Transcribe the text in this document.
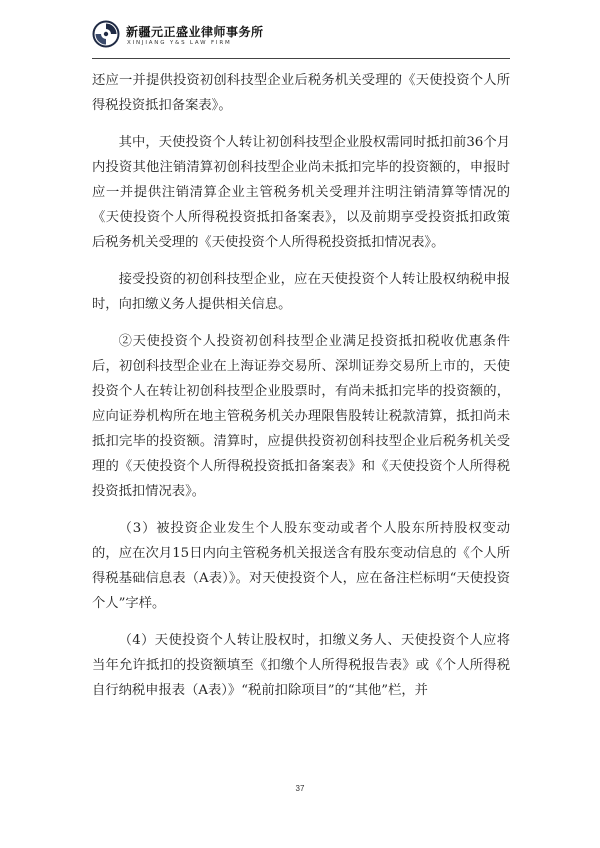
新疆元正盛业律师事务所
XINJIANG Y&S LAW FIRM

还应一并提供投资初创科技型企业后税务机关受理的《天使投资个人所得税投资抵扣备案表》。

其中，天使投资个人转让初创科技型企业股权需同时抵扣前36个月内投资其他注销清算初创科技型企业尚未抵扣完毕的投资额的，申报时应一并提供注销清算企业主管税务机关受理并注明注销清算等情况的《天使投资个人所得税投资抵扣备案表》，以及前期享受投资抵扣政策后税务机关受理的《天使投资个人所得税投资抵扣情况表》。

接受投资的初创科技型企业，应在天使投资个人转让股权纳税申报时，向扣缴义务人提供相关信息。

②天使投资个人投资初创科技型企业满足投资抵扣税收优惠条件后，初创科技型企业在上海证券交易所、深圳证券交易所上市的，天使投资个人在转让初创科技型企业股票时，有尚未抵扣完毕的投资额的，应向证券机构所在地主管税务机关办理限售股转让税款清算，抵扣尚未抵扣完毕的投资额。清算时，应提供投资初创科技型企业后税务机关受理的《天使投资个人所得税投资抵扣备案表》和《天使投资个人所得税投资抵扣情况表》。

（3）被投资企业发生个人股东变动或者个人股东所持股权变动的，应在次月15日内向主管税务机关报送含有股东变动信息的《个人所得税基础信息表（A表）》。对天使投资个人，应在备注栏标明“天使投资个人”字样。

（4）天使投资个人转让股权时，扣缴义务人、天使投资个人应将当年允许抵扣的投资额填至《扣缴个人所得税报告表》或《个人所得税自行纳税申报表（A表）》“税前扣除项目”的“其他”栏，并

37
